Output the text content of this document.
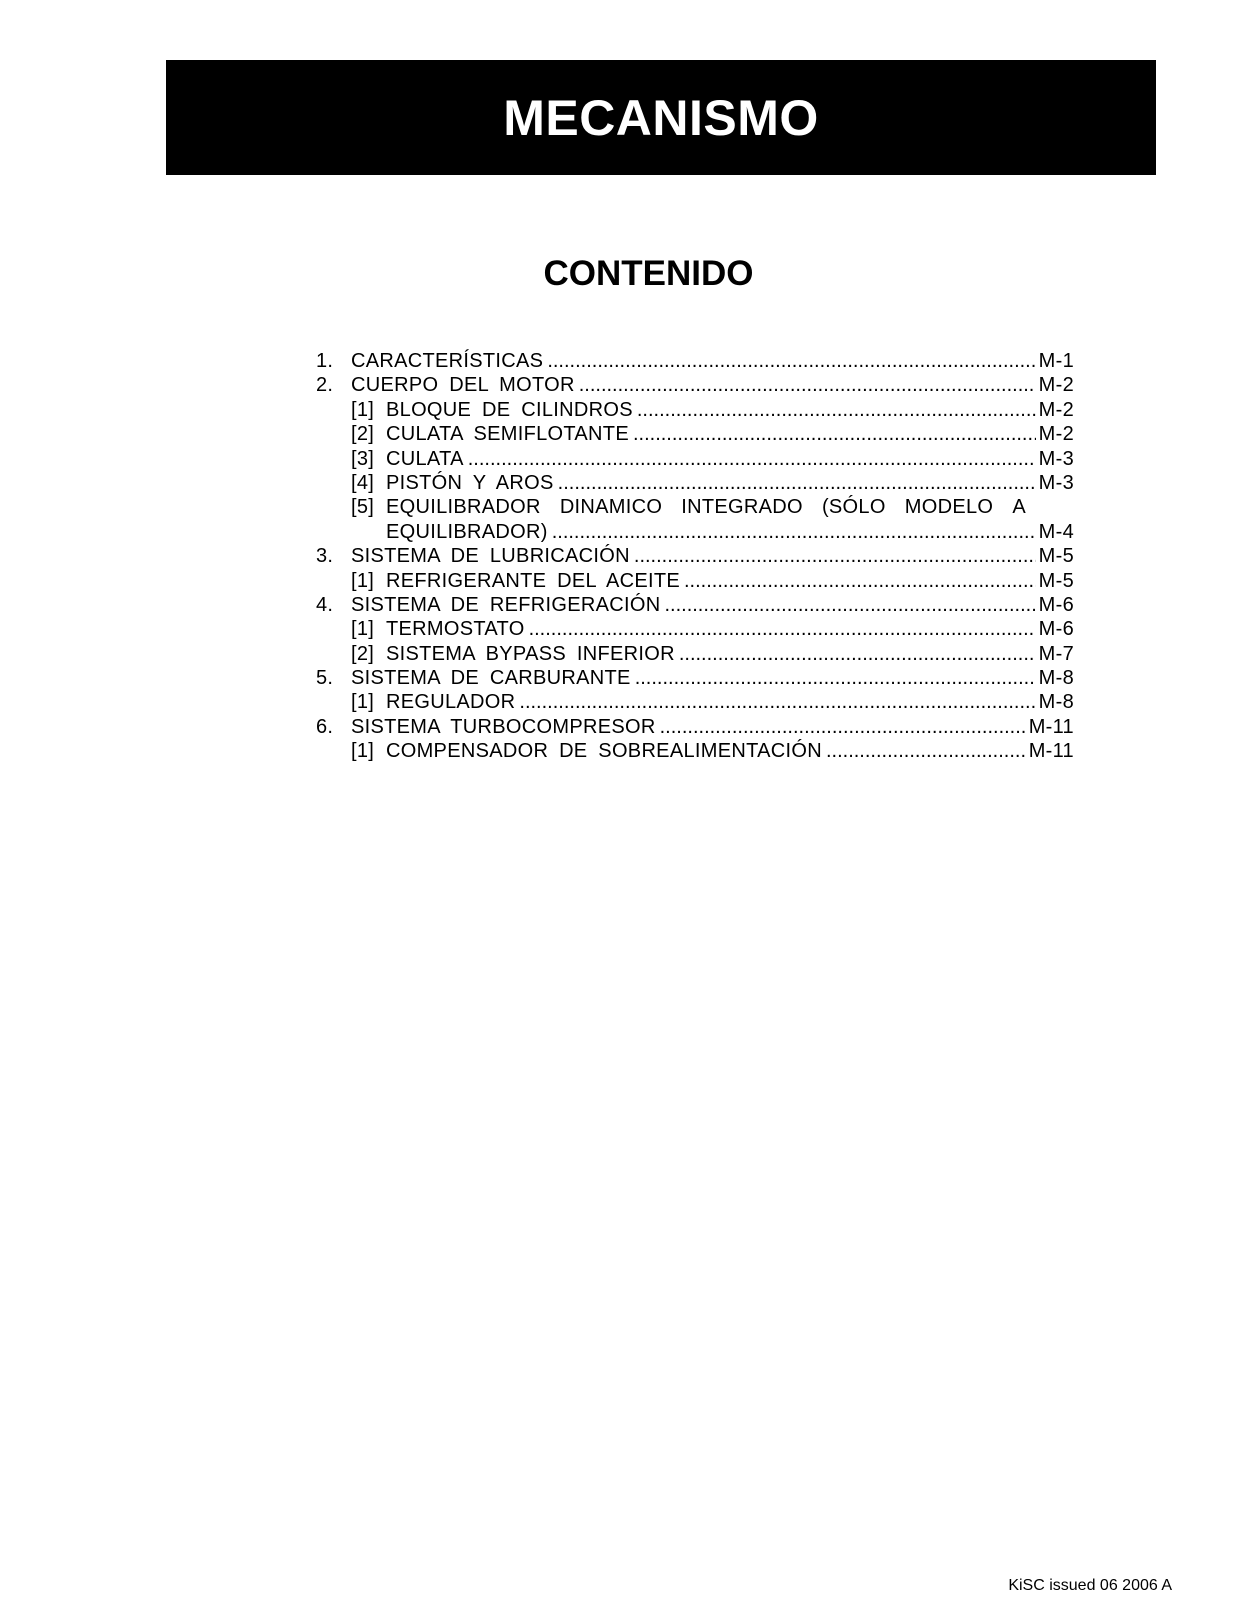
MECANISMO
CONTENIDO
1. CARACTERÍSTICAS .....	M-1
2. CUERPO DEL MOTOR .....	M-2
[1] BLOQUE DE CILINDROS .....	M-2
[2] CULATA SEMIFLOTANTE .....	M-2
[3] CULATA .....	M-3
[4] PISTÓN Y AROS .....	M-3
[5] EQUILIBRADOR DINAMICO INTEGRADO (SÓLO MODELO A
EQUILIBRADOR) .....	M-4
3. SISTEMA DE LUBRICACIÓN .....	M-5
[1] REFRIGERANTE DEL ACEITE .....	M-5
4. SISTEMA DE REFRIGERACIÓN .....	M-6
[1] TERMOSTATO .....	M-6
[2] SISTEMA BYPASS INFERIOR .....	M-7
5. SISTEMA DE CARBURANTE .....	M-8
[1] REGULADOR .....	M-8
6. SISTEMA TURBOCOMPRESOR .....	M-11
[1] COMPENSADOR DE SOBREALIMENTACIÓN .....	M-11
KiSC issued 06 2006 A
